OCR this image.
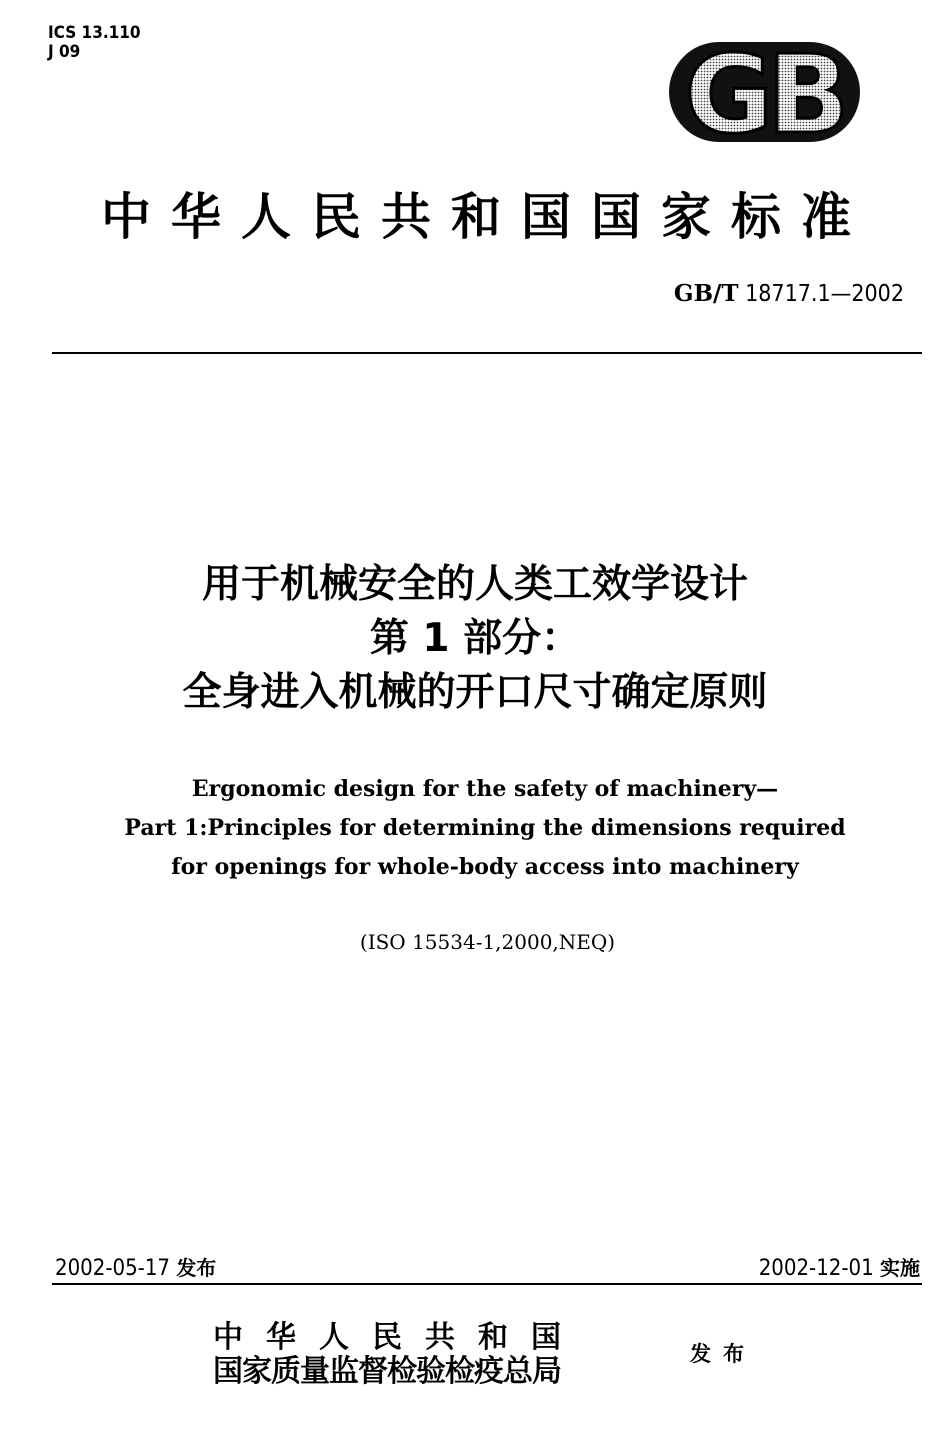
ICS 13.110
J 09	GB
中华人民共和国国家标准
GB/T 18717.1—2002
用于机械安全的人类工效学设计
第 1 部分：
全身进入机械的开口尺寸确定原则
Ergonomic design for the safety of machinery—
Part 1:Principles for determining the dimensions required
for openings for whole-body access into machinery
(ISO 15534-1,2000,NEQ)
2002-05-17 发布	2002-12-01 实施
中华人民共和国
国家质量监督检验检疫总局
发布
